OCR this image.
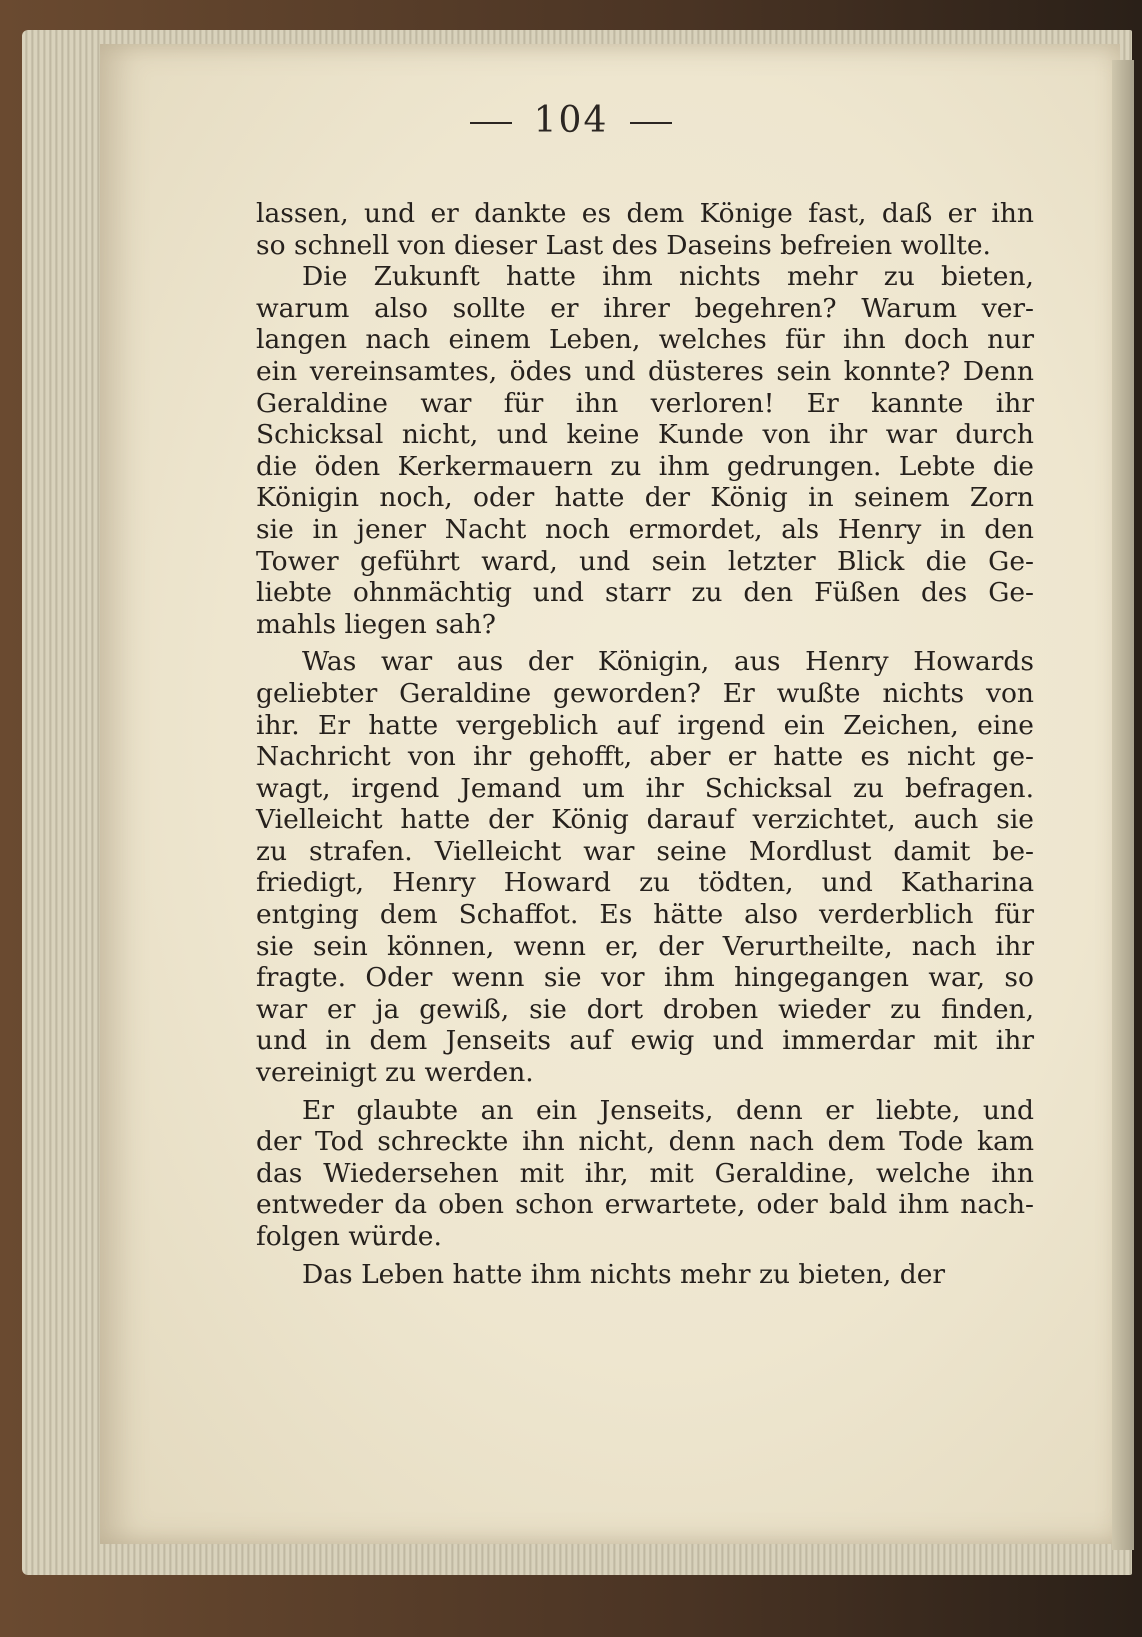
104
lassen, und er dankte es dem Könige fast, daß er ihn
so schnell von dieser Last des Daseins befreien wollte.
Die Zukunft hatte ihm nichts mehr zu bieten,
warum also sollte er ihrer begehren? Warum ver-
langen nach einem Leben, welches für ihn doch nur
ein vereinsamtes, ödes und düsteres sein konnte? Denn
Geraldine war für ihn verloren! Er kannte ihr
Schicksal nicht, und keine Kunde von ihr war durch
die öden Kerkermauern zu ihm gedrungen. Lebte die
Königin noch, oder hatte der König in seinem Zorn
sie in jener Nacht noch ermordet, als Henry in den
Tower geführt ward, und sein letzter Blick die Ge-
liebte ohnmächtig und starr zu den Füßen des Ge-
mahls liegen sah?
Was war aus der Königin, aus Henry Howards
geliebter Geraldine geworden? Er wußte nichts von
ihr. Er hatte vergeblich auf irgend ein Zeichen, eine
Nachricht von ihr gehofft, aber er hatte es nicht ge-
wagt, irgend Jemand um ihr Schicksal zu befragen.
Vielleicht hatte der König darauf verzichtet, auch sie
zu strafen. Vielleicht war seine Mordlust damit be-
friedigt, Henry Howard zu tödten, und Katharina
entging dem Schaffot. Es hätte also verderblich für
sie sein können, wenn er, der Verurtheilte, nach ihr
fragte. Oder wenn sie vor ihm hingegangen war, so
war er ja gewiß, sie dort droben wieder zu finden,
und in dem Jenseits auf ewig und immerdar mit ihr
vereinigt zu werden.
Er glaubte an ein Jenseits, denn er liebte, und
der Tod schreckte ihn nicht, denn nach dem Tode kam
das Wiedersehen mit ihr, mit Geraldine, welche ihn
entweder da oben schon erwartete, oder bald ihm nach-
folgen würde.
Das Leben hatte ihm nichts mehr zu bieten, der
